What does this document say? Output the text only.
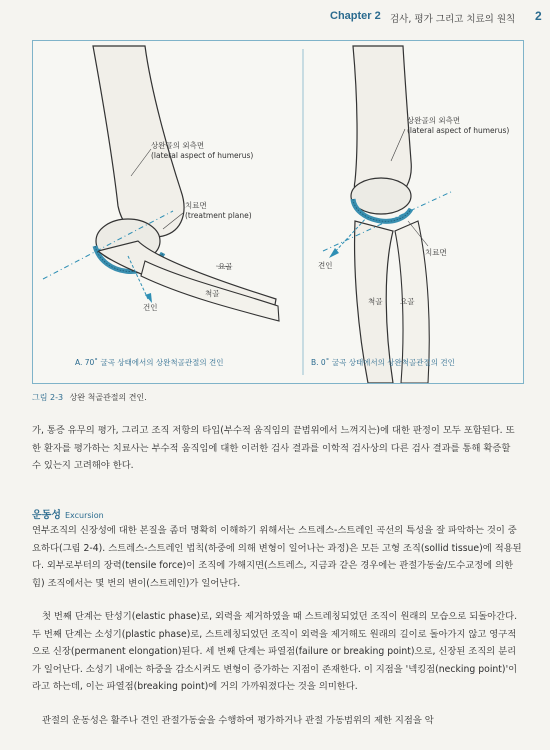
Chapter 2 검사, 평가 그리고 치료의 원칙 2
상완골의 외측면
(lateral aspect of humerus)
치료면
(treatment plane)
요골
척골
건인
A. 70˚ 굴곡 상태에서의 상완척골관절의 견인
상완골의 외측면
(lateral aspect of humerus)
치료면
견인
척골 요골
B. 0˚ 굴곡 상태에서의 상완척골관절의 견인
그림 2-3 상완 척골관절의 견인.
가, 통증 유무의 평가, 그리고 조직 저항의 타입(부수적 움직임의 끝범위에서 느껴지는)에 대한 판정이 모두 포함된다. 또한 환자를 평가하는 치료사는 부수적 움직임에 대한 이러한 검사 결과를 이학적 검사상의 다른 검사 결과를 통해 확증할 수 있는지 고려해야 한다.
운동성 Excursion
연부조직의 신장성에 대한 본질을 좀더 명확히 이해하기 위해서는 스트레스-스트레인 곡선의 특성을 잘 파악하는 것이 중요하다(그림 2-4). 스트레스-스트레인 법칙(하중에 의해 변형이 일어나는 과정)은 모든 고형 조직(sollid tissue)에 적용된다. 외부로부터의 장력(tensile force)이 조직에 가해지면(스트레스, 지금과 같은 경우에는 관절가동술/도수교정에 의한 힘) 조직에서는 몇 번의 변이(스트레인)가 일어난다.
첫 번째 단계는 탄성기(elastic phase)로, 외력을 제거하였을 때 스트레칭되었던 조직이 원래의 모습으로 되돌아간다. 두 번째 단계는 소성기(plastic phase)로, 스트레칭되었던 조직이 외력을 제거해도 원래의 길이로 돌아가지 않고 영구적으로 신장(permanent elongation)된다. 세 번째 단계는 파열점(failure or breaking point)으로, 신장된 조직의 분리가 일어난다. 소성기 내에는 하중을 감소시켜도 변형이 증가하는 지점이 존재한다. 이 지점을 '넥킹점(necking point)'이라고 하는데, 이는 파열점(breaking point)에 거의 가까워졌다는 것을 의미한다.
관절의 운동성은 활주나 견인 관절가동술을 수행하여 평가하거나 관절 가동범위의 제한 지점을 악
